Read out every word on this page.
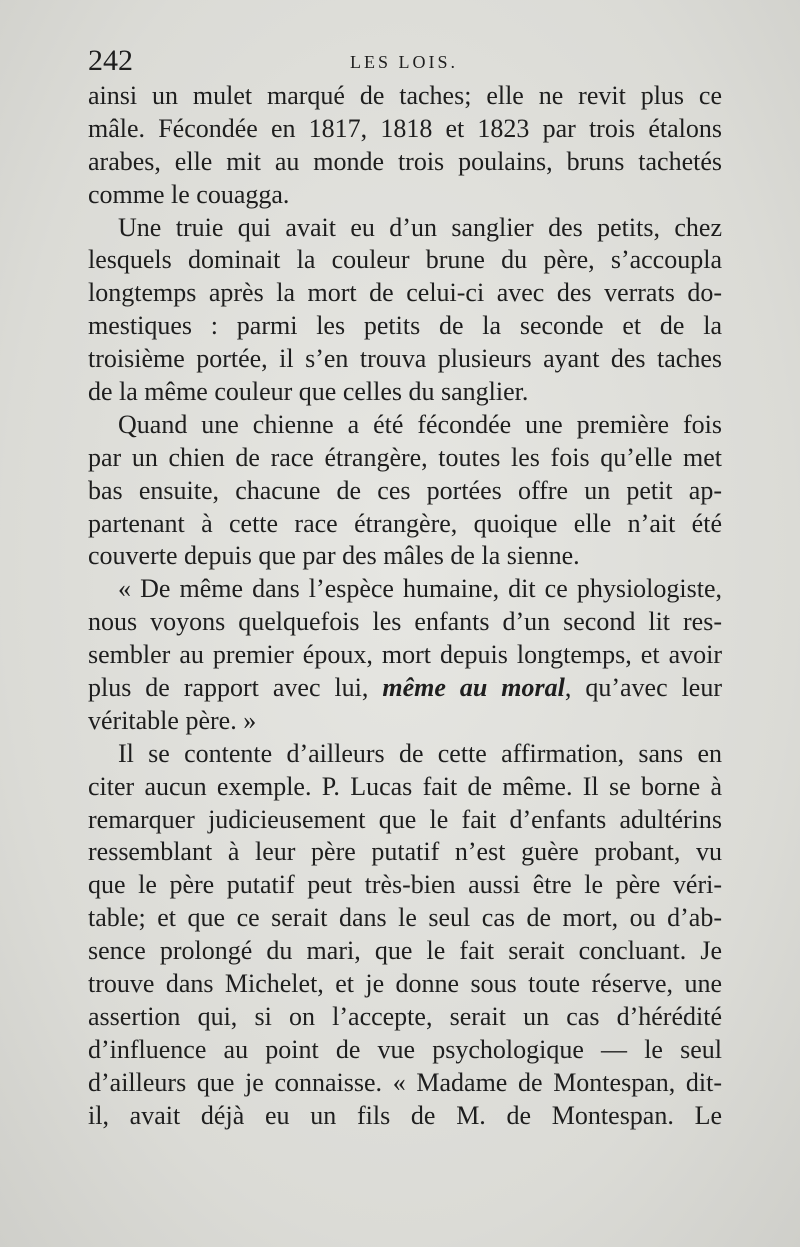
242	LES LOIS.
ainsi un mulet marqué de taches; elle ne revit plus ce
mâle. Fécondée en 1817, 1818 et 1823 par trois étalons
arabes, elle mit au monde trois poulains, bruns tachetés
comme le couagga.
Une truie qui avait eu d’un sanglier des petits, chez
lesquels dominait la couleur brune du père, s’accoupla
longtemps après la mort de celui-ci avec des verrats do-
mestiques : parmi les petits de la seconde et de la
troisième portée, il s’en trouva plusieurs ayant des taches
de la même couleur que celles du sanglier.
Quand une chienne a été fécondée une première fois
par un chien de race étrangère, toutes les fois qu’elle met
bas ensuite, chacune de ces portées offre un petit ap-
partenant à cette race étrangère, quoique elle n’ait été
couverte depuis que par des mâles de la sienne.
« De même dans l’espèce humaine, dit ce physiologiste,
nous voyons quelquefois les enfants d’un second lit res-
sembler au premier époux, mort depuis longtemps, et avoir
plus de rapport avec lui, même au moral, qu’avec leur
véritable père. »
Il se contente d’ailleurs de cette affirmation, sans en
citer aucun exemple. P. Lucas fait de même. Il se borne à
remarquer judicieusement que le fait d’enfants adultérins
ressemblant à leur père putatif n’est guère probant, vu
que le père putatif peut très-bien aussi être le père véri-
table; et que ce serait dans le seul cas de mort, ou d’ab-
sence prolongé du mari, que le fait serait concluant. Je
trouve dans Michelet, et je donne sous toute réserve, une
assertion qui, si on l’accepte, serait un cas d’hérédité
d’influence au point de vue psychologique — le seul
d’ailleurs que je connaisse. « Madame de Montespan, dit-
il, avait déjà eu un fils de M. de Montespan. Le
